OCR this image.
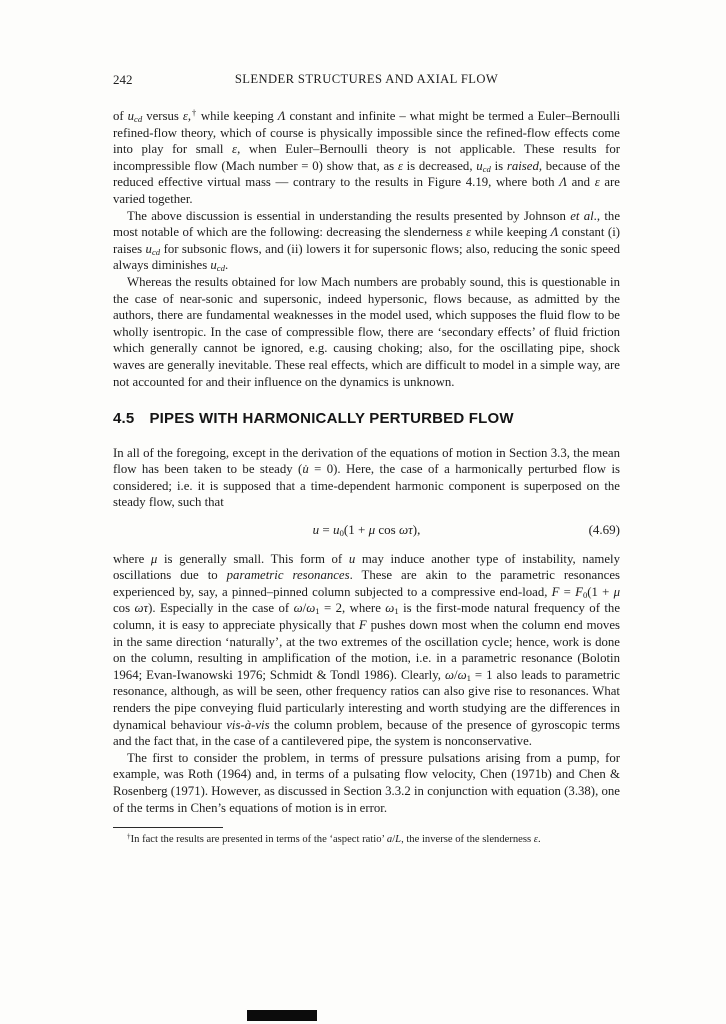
242	SLENDER STRUCTURES AND AXIAL FLOW

of $u_{cd}$ versus ε,† while keeping Λ constant and infinite – what might be termed a Euler–Bernoulli refined-flow theory, which of course is physically impossible since the refined-flow effects come into play for small ε, when Euler–Bernoulli theory is not applicable. These results for incompressible flow (Mach number = 0) show that, as ε is decreased, $u_{cd}$ is raised, because of the reduced effective virtual mass — contrary to the results in Figure 4.19, where both Λ and ε are varied together.

The above discussion is essential in understanding the results presented by Johnson et al., the most notable of which are the following: decreasing the slenderness ε while keeping Λ constant (i) raises $u_{cd}$ for subsonic flows, and (ii) lowers it for supersonic flows; also, reducing the sonic speed always diminishes $u_{cd}$.

Whereas the results obtained for low Mach numbers are probably sound, this is questionable in the case of near-sonic and supersonic, indeed hypersonic, flows because, as admitted by the authors, there are fundamental weaknesses in the model used, which supposes the fluid flow to be wholly isentropic. In the case of compressible flow, there are ‘secondary effects’ of fluid friction which generally cannot be ignored, e.g. causing choking; also, for the oscillating pipe, shock waves are generally inevitable. These real effects, which are difficult to model in a simple way, are not accounted for and their influence on the dynamics is unknown.

4.5 PIPES WITH HARMONICALLY PERTURBED FLOW

In all of the foregoing, except in the derivation of the equations of motion in Section 3.3, the mean flow has been taken to be steady (u̇ = 0). Here, the case of a harmonically perturbed flow is considered; i.e. it is supposed that a time-dependent harmonic component is superposed on the steady flow, such that

$u = u_0(1 + \mu$ cos ωτ),	(4.69)

where μ is generally small. This form of u may induce another type of instability, namely oscillations due to parametric resonances. These are akin to the parametric resonances experienced by, say, a pinned–pinned column subjected to a compressive end-load, $F = F_0(1 + \mu$ cos ωτ). Especially in the case of $\omega/\omega_1 = 2$, where $\omega_1$ is the first-mode natural frequency of the column, it is easy to appreciate physically that F pushes down most when the column end moves in the same direction ‘naturally’, at the two extremes of the oscillation cycle; hence, work is done on the column, resulting in amplification of the motion, i.e. in a parametric resonance (Bolotin 1964; Evan-Iwanowski 1976; Schmidt & Tondl 1986). Clearly, $\omega/\omega_1 = 1$ also leads to parametric resonance, although, as will be seen, other frequency ratios can also give rise to resonances. What renders the pipe conveying fluid particularly interesting and worth studying are the differences in dynamical behaviour vis-à-vis the column problem, because of the presence of gyroscopic terms and the fact that, in the case of a cantilevered pipe, the system is nonconservative.

The first to consider the problem, in terms of pressure pulsations arising from a pump, for example, was Roth (1964) and, in terms of a pulsating flow velocity, Chen (1971b) and Chen & Rosenberg (1971). However, as discussed in Section 3.3.2 in conjunction with equation (3.38), one of the terms in Chen’s equations of motion is in error.

†In fact the results are presented in terms of the ‘aspect ratio’ a/L, the inverse of the slenderness ε.
